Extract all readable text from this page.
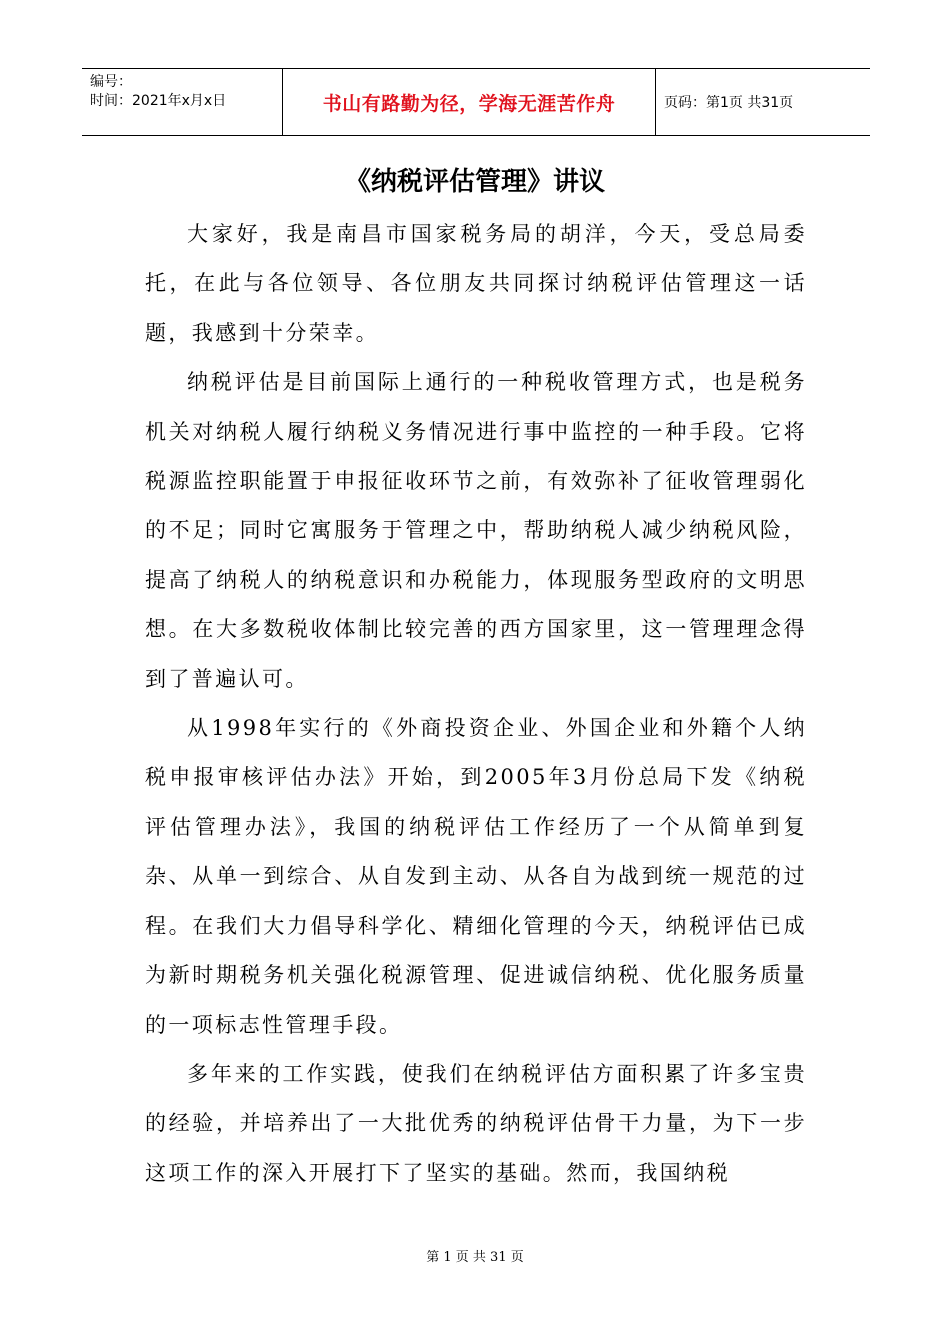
编号：
时间：2021年x月x日	书山有路勤为径，学海无涯苦作舟	页码：第1页 共31页
《纳税评估管理》讲议

大家好，我是南昌市国家税务局的胡洋，今天，受总局委托，在此与各位领导、各位朋友共同探讨纳税评估管理这一话题，我感到十分荣幸。

纳税评估是目前国际上通行的一种税收管理方式，也是税务机关对纳税人履行纳税义务情况进行事中监控的一种手段。它将税源监控职能置于申报征收环节之前，有效弥补了征收管理弱化的不足；同时它寓服务于管理之中，帮助纳税人减少纳税风险，提高了纳税人的纳税意识和办税能力，体现服务型政府的文明思想。在大多数税收体制比较完善的西方国家里，这一管理理念得到了普遍认可。

从1998年实行的《外商投资企业、外国企业和外籍个人纳税申报审核评估办法》开始，到2005年3月份总局下发《纳税评估管理办法》，我国的纳税评估工作经历了一个从简单到复杂、从单一到综合、从自发到主动、从各自为战到统一规范的过程。在我们大力倡导科学化、精细化管理的今天，纳税评估已成为新时期税务机关强化税源管理、促进诚信纳税、优化服务质量的一项标志性管理手段。

多年来的工作实践，使我们在纳税评估方面积累了许多宝贵的经验，并培养出了一大批优秀的纳税评估骨干力量，为下一步这项工作的深入开展打下了坚实的基础。然而，我国纳税

第 1 页 共 31 页
